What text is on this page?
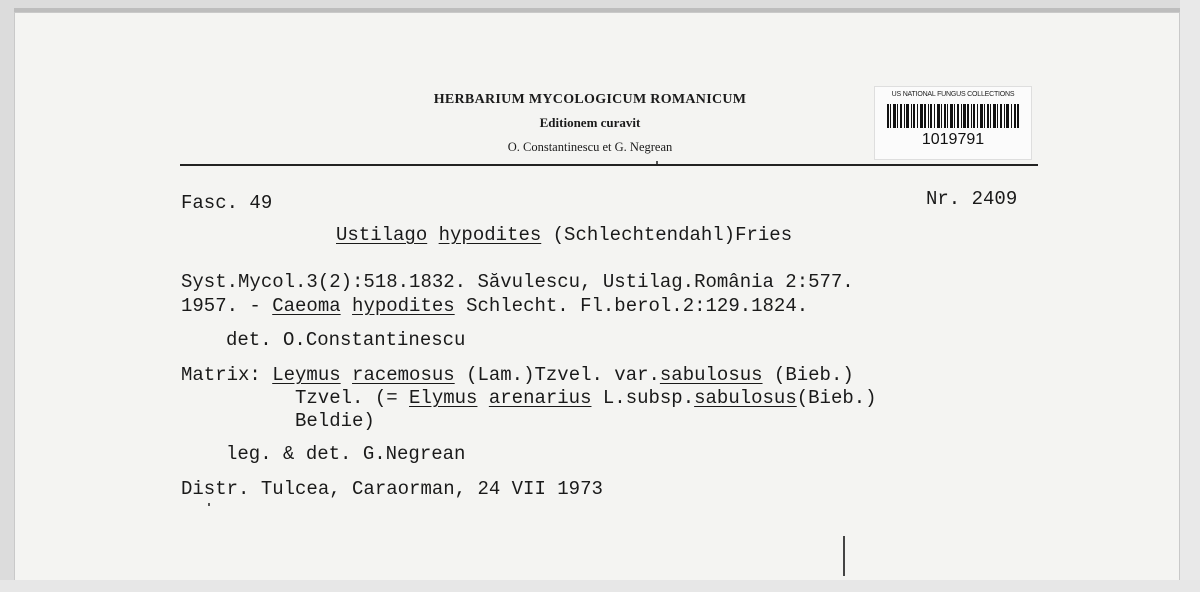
HERBARIUM MYCOLOGICUM ROMANICUM
Editionem curavit
O. Constantinescu et G. Negrean
US NATIONAL FUNGUS COLLECTIONS
1019791
Fasc. 49	Nr. 2409
Ustilago hypodites (Schlechtendahl)Fries
Syst.Mycol.3(2):518.1832. Săvulescu, Ustilag.România 2:577.
1957. - Caeoma hypodites Schlecht. Fl.berol.2:129.1824.
det. O.Constantinescu
Matrix: Leymus racemosus (Lam.)Tzvel. var.sabulosus (Bieb.)
Tzvel. (= Elymus arenarius L.subsp.sabulosus(Bieb.)
Beldie)
leg. & det. G.Negrean
Distr. Tulcea, Caraorman, 24 VII 1973
